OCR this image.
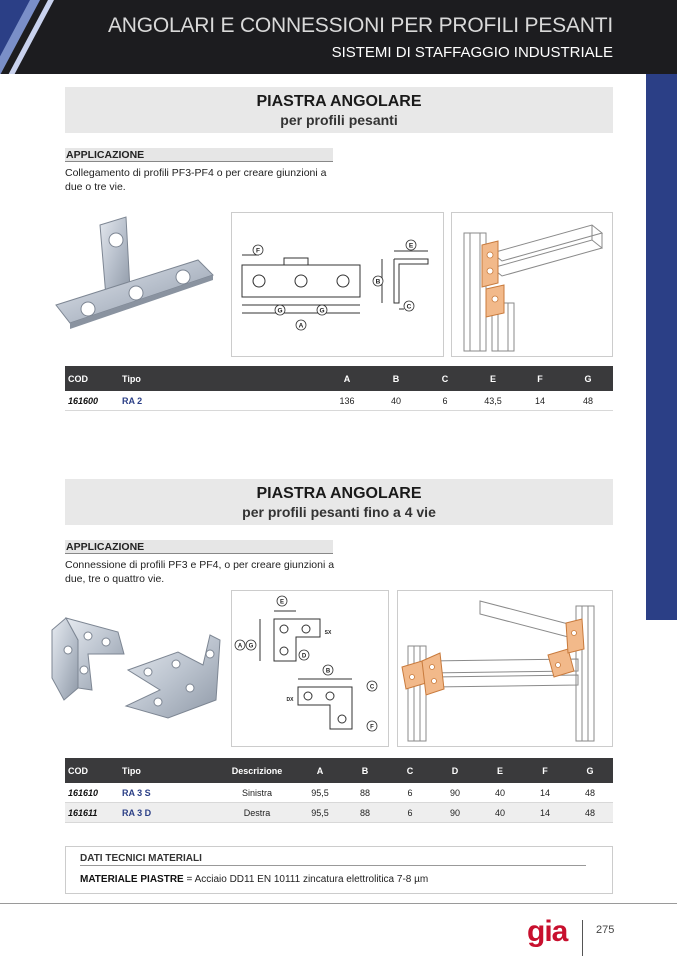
ANGOLARI E CONNESSIONI PER PROFILI PESANTI
SISTEMI DI STAFFAGGIO INDUSTRIALE
PIASTRA ANGOLARE
per profili pesanti
APPLICAZIONE
Collegamento di profili PF3-PF4 o per creare giunzioni a due o tre vie.
F
E
B
C
G	G
A
COD	Tipo	A	B	C	E	F	G
161600	RA 2	136	40	6	43,5	14	48
PIASTRA ANGOLARE
per profili pesanti fino a 4 vie
APPLICAZIONE
Connessione di profili PF3 e PF4, o per creare giunzioni a due, tre o quattro vie.
E
A G
SX
D
B
C
DX
F
COD	Tipo	Descrizione	A	B	C	D	E	F	G
161610	RA 3 S	Sinistra	95,5	88	6	90	40	14	48
161611	RA 3 D	Destra	95,5	88	6	90	40	14	48
DATI TECNICI MATERIALI
MATERIALE PIASTRE = Acciaio DD11 EN 10111 zincatura elettrolitica 7-8 µm
gia	275
